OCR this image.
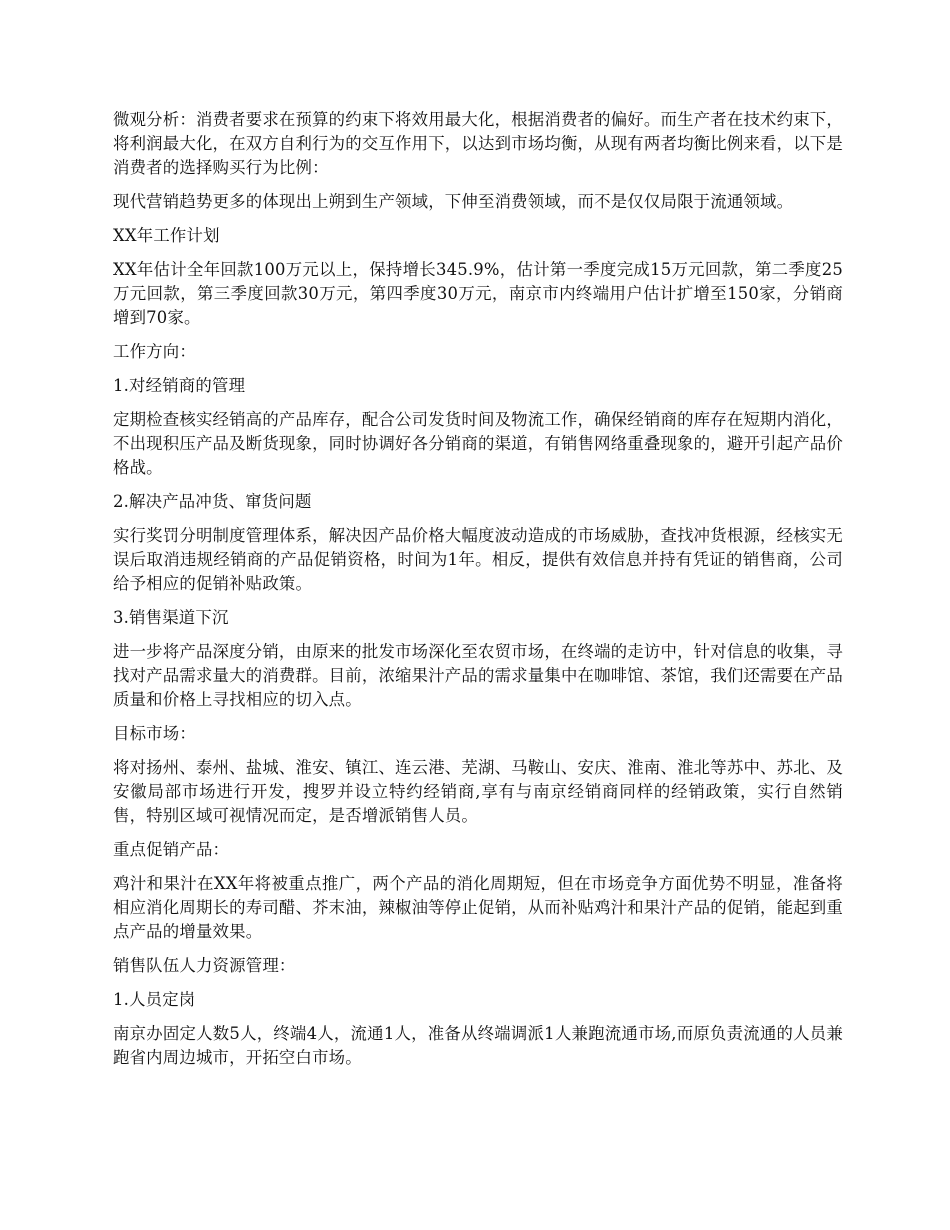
微观分析：消费者要求在预算的约束下将效用最大化，根据消费者的偏好。而生产者在技术约束下，将利润最大化，在双方自利行为的交互作用下，以达到市场均衡，从现有两者均衡比例来看，以下是消费者的选择购买行为比例：

现代营销趋势更多的体现出上朔到生产领域，下伸至消费领域，而不是仅仅局限于流通领域。

XX年工作计划

XX年估计全年回款100万元以上，保持增长345.9%，估计第一季度完成15万元回款，第二季度25万元回款，第三季度回款30万元，第四季度30万元，南京市内终端用户估计扩增至150家，分销商增到70家。

工作方向：

1.对经销商的管理

定期检查核实经销高的产品库存，配合公司发货时间及物流工作，确保经销商的库存在短期内消化，不出现积压产品及断货现象，同时协调好各分销商的渠道，有销售网络重叠现象的，避开引起产品价格战。

2.解决产品冲货、窜货问题

实行奖罚分明制度管理体系，解决因产品价格大幅度波动造成的市场威胁，查找冲货根源，经核实无误后取消违规经销商的产品促销资格，时间为1年。相反，提供有效信息并持有凭证的销售商，公司给予相应的促销补贴政策。

3.销售渠道下沉

进一步将产品深度分销，由原来的批发市场深化至农贸市场，在终端的走访中，针对信息的收集，寻找对产品需求量大的消费群。目前，浓缩果汁产品的需求量集中在咖啡馆、茶馆，我们还需要在产品质量和价格上寻找相应的切入点。

目标市场：

将对扬州、泰州、盐城、淮安、镇江、连云港、芜湖、马鞍山、安庆、淮南、淮北等苏中、苏北、及安徽局部市场进行开发，搜罗并设立特约经销商,享有与南京经销商同样的经销政策，实行自然销售，特别区域可视情况而定，是否增派销售人员。

重点促销产品：

鸡汁和果汁在XX年将被重点推广，两个产品的消化周期短，但在市场竞争方面优势不明显，准备将相应消化周期长的寿司醋、芥末油，辣椒油等停止促销，从而补贴鸡汁和果汁产品的促销，能起到重点产品的增量效果。

销售队伍人力资源管理：

1.人员定岗

南京办固定人数5人，终端4人，流通1人，准备从终端调派1人兼跑流通市场,而原负责流通的人员兼跑省内周边城市，开拓空白市场。
